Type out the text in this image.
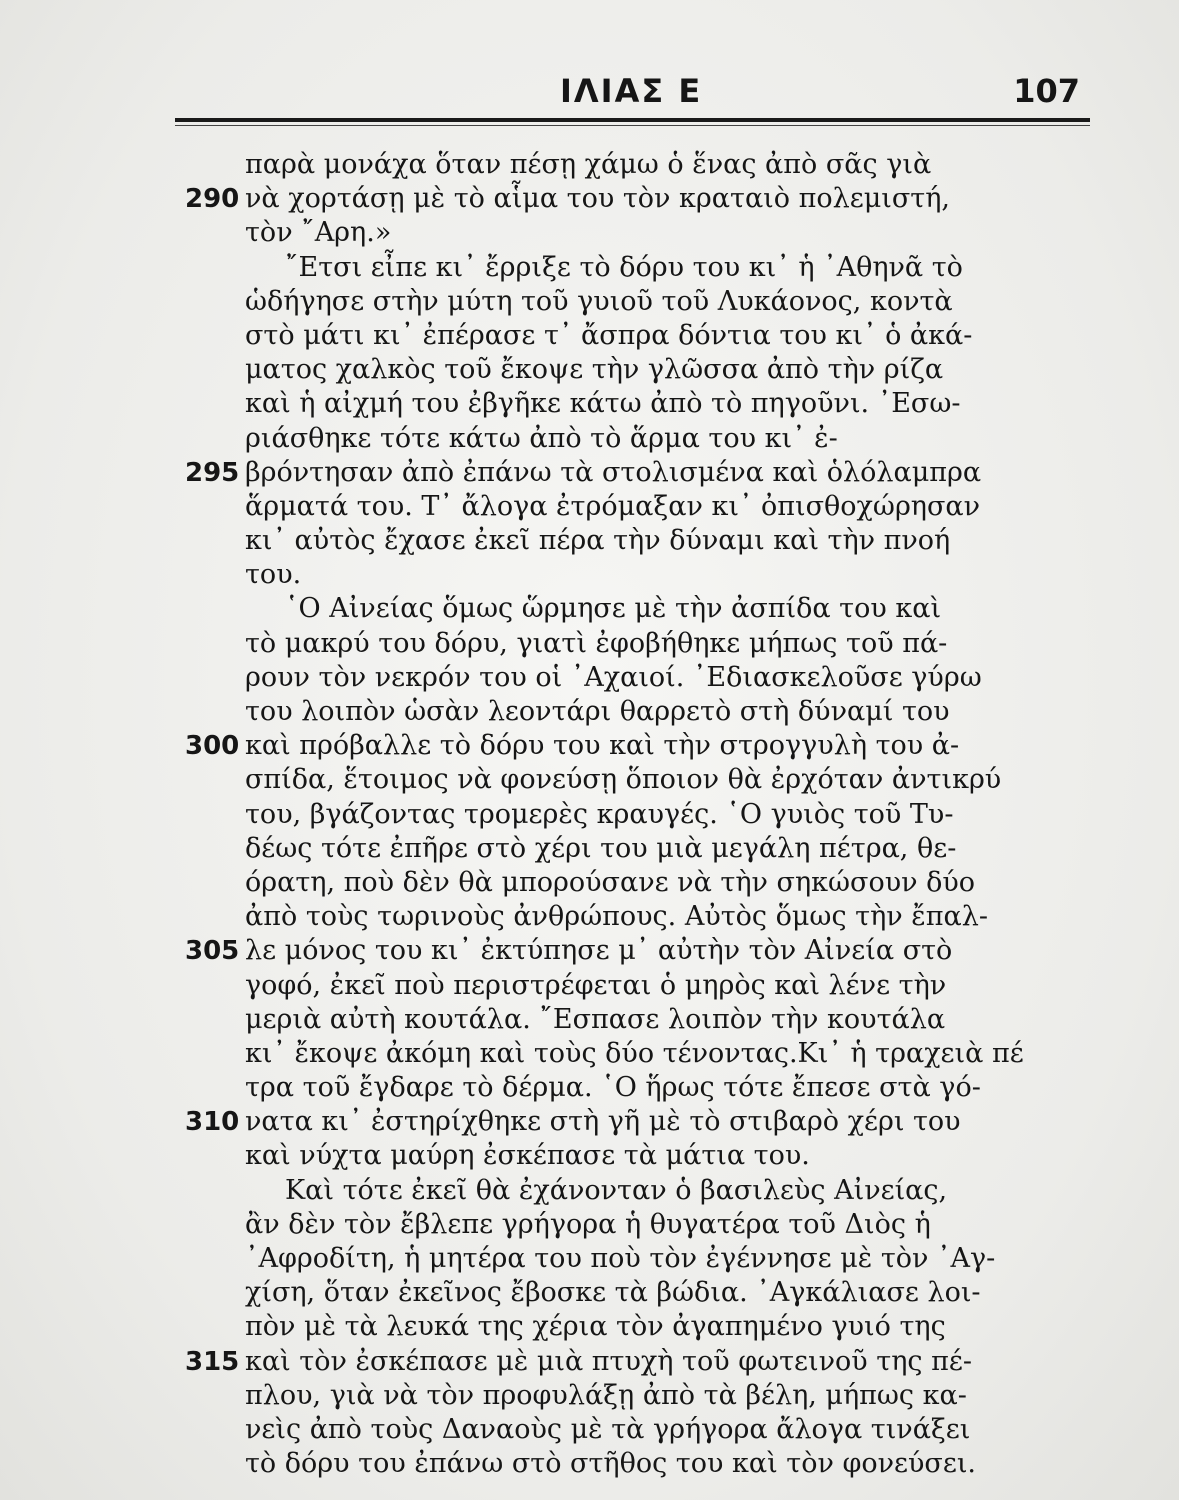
ΙΛΙΑΣ Ε	107
παρὰ μονάχα ὅταν πέσῃ χάμω ὁ ἕνας ἀπὸ σᾶς γιὰ
290 νὰ χορτάσῃ μὲ τὸ αἷμα του τὸν κραταιὸ πολεμιστή,
τὸν ῎Αρη.»
῎Ετσι εἶπε κι᾽ ἔρριξε τὸ δόρυ του κι᾽ ἡ ᾿Αθηνᾶ τὸ
ὡδήγησε στὴν μύτη τοῦ γυιοῦ τοῦ Λυκάονος, κοντὰ
στὸ μάτι κι᾽ ἐπέρασε τ᾽ ἄσπρα δόντια του κι᾽ ὁ ἀκά-
ματος χαλκὸς τοῦ ἔκοψε τὴν γλῶσσα ἀπὸ τὴν ρίζα
καὶ ἡ αἰχμή του ἐβγῆκε κάτω ἀπὸ τὸ πηγοῦνι. ᾽Εσω-
ριάσθηκε τότε κάτω ἀπὸ τὸ ἅρμα του κι᾽ ἐ-
295 βρόντησαν ἀπὸ ἐπάνω τὰ στολισμένα καὶ ὁλόλαμπρα
ἅρματά του. Τ᾽ ἄλογα ἐτρόμαξαν κι᾽ ὀπισθοχώρησαν
κι᾽ αὐτὸς ἔχασε ἐκεῖ πέρα τὴν δύναμι καὶ τὴν πνοή
του.
῾Ο Αἰνείας ὅμως ὥρμησε μὲ τὴν ἀσπίδα του καὶ
τὸ μακρύ του δόρυ, γιατὶ ἐφοβήθηκε μήπως τοῦ πά-
ρουν τὸν νεκρόν του οἱ ᾿Αχαιοί. ᾽Εδιασκελοῦσε γύρω
του λοιπὸν ὡσὰν λεοντάρι θαρρετὸ στὴ δύναμί του
300 καὶ πρόβαλλε τὸ δόρυ του καὶ τὴν στρογγυλὴ του ἀ-
σπίδα, ἕτοιμος νὰ φονεύσῃ ὅποιον θὰ ἐρχόταν ἀντικρύ
του, βγάζοντας τρομερὲς κραυγές. ῾Ο γυιὸς τοῦ Τυ-
δέως τότε ἐπῆρε στὸ χέρι του μιὰ μεγάλη πέτρα, θε-
όρατη, ποὺ δὲν θὰ μπορούσανε νὰ τὴν σηκώσουν δύο
ἀπὸ τοὺς τωρινοὺς ἀνθρώπους. Αὐτὸς ὅμως τὴν ἔπαλ-
305 λε μόνος του κι᾽ ἐκτύπησε μ᾽ αὐτὴν τὸν Αἰνεία στὸ
γοφό, ἐκεῖ ποὺ περιστρέφεται ὁ μηρὸς καὶ λένε τὴν
μεριὰ αὐτὴ κουτάλα. ῎Εσπασε λοιπὸν τὴν κουτάλα
κι᾽ ἔκοψε ἀκόμη καὶ τοὺς δύο τένοντας.Κι᾽ ἡ τραχειὰ πέ
τρα τοῦ ἔγδαρε τὸ δέρμα. ῾Ο ἥρως τότε ἔπεσε στὰ γό-
310 νατα κι᾽ ἐστηρίχθηκε στὴ γῆ μὲ τὸ στιβαρὸ χέρι του
καὶ νύχτα μαύρη ἐσκέπασε τὰ μάτια του.
Καὶ τότε ἐκεῖ θὰ ἐχάνονταν ὁ βασιλεὺς Αἰνείας,
ἂν δὲν τὸν ἔβλεπε γρήγορα ἡ θυγατέρα τοῦ Διὸς ἡ
᾽Αφροδίτη, ἡ μητέρα του ποὺ τὸν ἐγέννησε μὲ τὸν ᾽Αγ-
χίση, ὅταν ἐκεῖνος ἔβοσκε τὰ βώδια. ᾽Αγκάλιασε λοι-
πὸν μὲ τὰ λευκά της χέρια τὸν ἀγαπημένο γυιό της
315 καὶ τὸν ἐσκέπασε μὲ μιὰ πτυχὴ τοῦ φωτεινοῦ της πέ-
πλου, γιὰ νὰ τὸν προφυλάξῃ ἀπὸ τὰ βέλη, μήπως κα-
νεὶς ἀπὸ τοὺς Δαναοὺς μὲ τὰ γρήγορα ἄλογα τινάξει
τὸ δόρυ του ἐπάνω στὸ στῆθος του καὶ τὸν φονεύσει.
